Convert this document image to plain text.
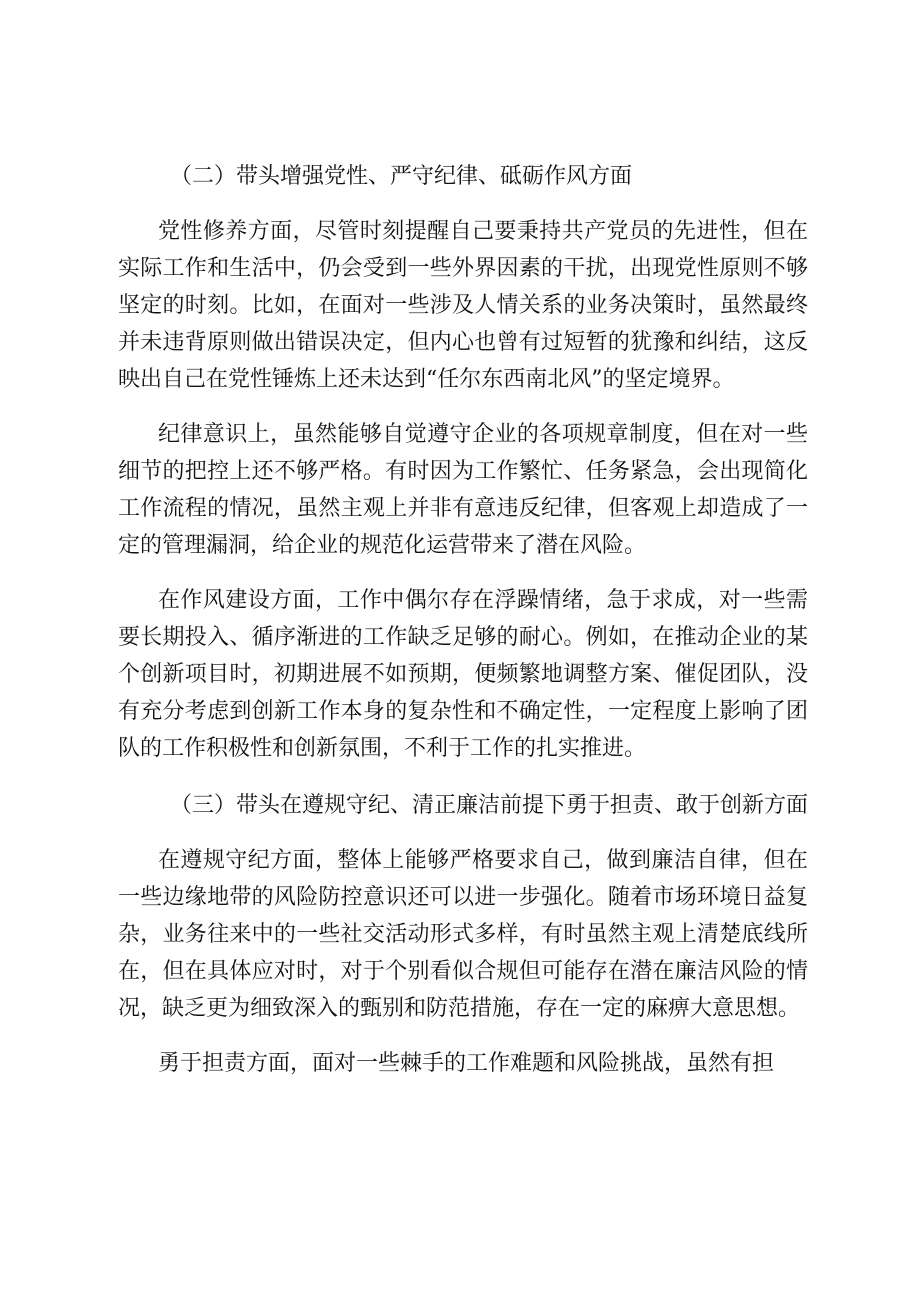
（二）带头增强党性、严守纪律、砥砺作风方面

党性修养方面，尽管时刻提醒自己要秉持共产党员的先进性，但在实际工作和生活中，仍会受到一些外界因素的干扰，出现党性原则不够坚定的时刻。比如，在面对一些涉及人情关系的业务决策时，虽然最终并未违背原则做出错误决定，但内心也曾有过短暂的犹豫和纠结，这反映出自己在党性锤炼上还未达到“任尔东西南北风”的坚定境界。

纪律意识上，虽然能够自觉遵守企业的各项规章制度，但在对一些细节的把控上还不够严格。有时因为工作繁忙、任务紧急，会出现简化工作流程的情况，虽然主观上并非有意违反纪律，但客观上却造成了一定的管理漏洞，给企业的规范化运营带来了潜在风险。

在作风建设方面，工作中偶尔存在浮躁情绪，急于求成，对一些需要长期投入、循序渐进的工作缺乏足够的耐心。例如，在推动企业的某个创新项目时，初期进展不如预期，便频繁地调整方案、催促团队，没有充分考虑到创新工作本身的复杂性和不确定性，一定程度上影响了团队的工作积极性和创新氛围，不利于工作的扎实推进。

（三）带头在遵规守纪、清正廉洁前提下勇于担责、敢于创新方面

在遵规守纪方面，整体上能够严格要求自己，做到廉洁自律，但在一些边缘地带的风险防控意识还可以进一步强化。随着市场环境日益复杂，业务往来中的一些社交活动形式多样，有时虽然主观上清楚底线所在，但在具体应对时，对于个别看似合规但可能存在潜在廉洁风险的情况，缺乏更为细致深入的甄别和防范措施，存在一定的麻痹大意思想。

勇于担责方面，面对一些棘手的工作难题和风险挑战，虽然有担
